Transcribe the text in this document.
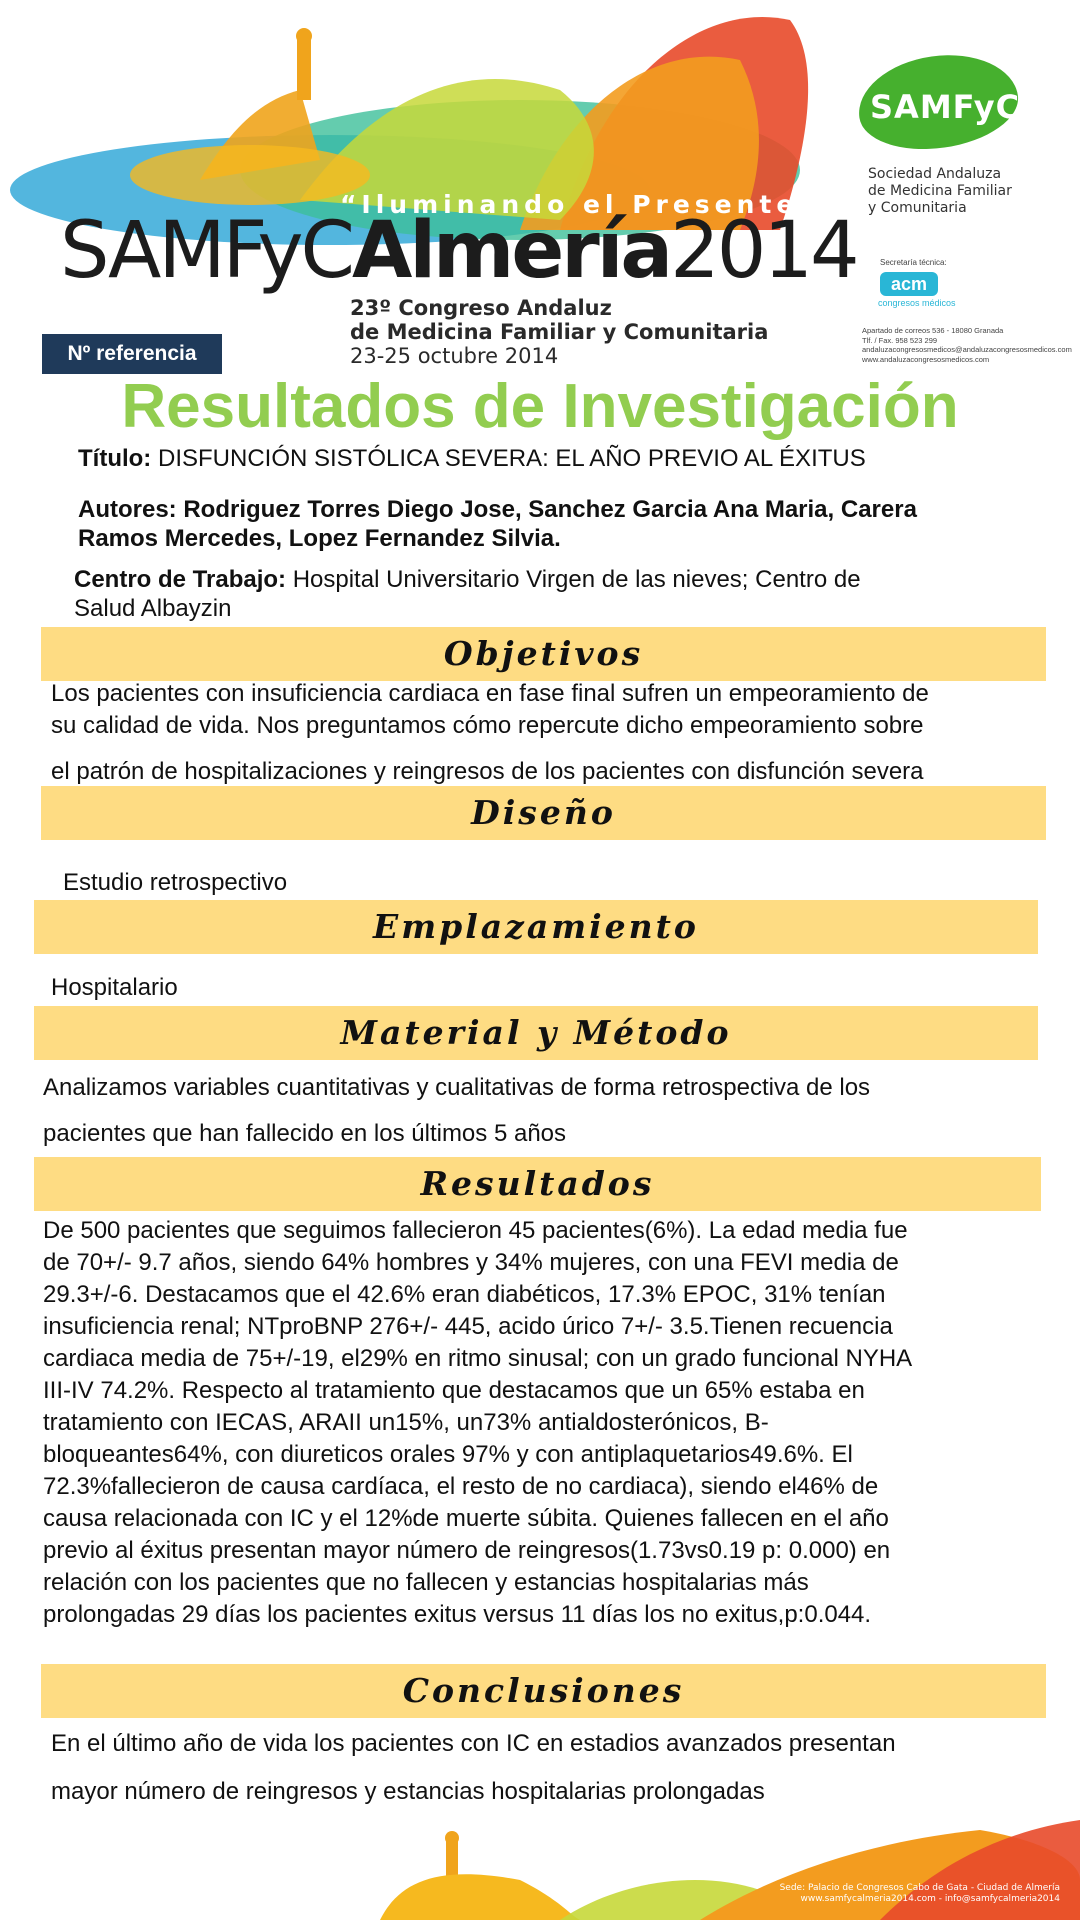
“Iluminando el Presente”
SAMFyCAlmería2014
23º Congreso Andaluz
de Medicina Familiar y Comunitaria
23-25 octubre 2014
SAMFyC
Sociedad Andaluza
de Medicina Familiar
y Comunitaria
Secretaría técnica:
acm
congresos médicos
Apartado de correos 536 - 18080 Granada
Tlf. / Fax. 958 523 299
andaluzacongresosmedicos@andaluzacongresosmedicos.com
www.andaluzacongresosmedicos.com
Nº referencia
Resultados de Investigación
Título: DISFUNCIÓN SISTÓLICA SEVERA: EL AÑO PREVIO AL ÉXITUS
Autores: Rodriguez Torres Diego Jose, Sanchez Garcia Ana Maria, Carera
Ramos Mercedes, Lopez Fernandez Silvia.
Centro de Trabajo: Hospital Universitario Virgen de las nieves; Centro de
Salud Albayzin
Objetivos
Los pacientes con insuficiencia cardiaca en fase final sufren un empeoramiento de
su calidad de vida. Nos preguntamos cómo repercute dicho empeoramiento sobre
el patrón de hospitalizaciones y reingresos de los pacientes con disfunción severa
Diseño
Estudio retrospectivo
Emplazamiento
Hospitalario
Material y Método
Analizamos variables cuantitativas y cualitativas de forma retrospectiva de los
pacientes que han fallecido en los últimos 5 años
Resultados
De 500 pacientes que seguimos fallecieron 45 pacientes(6%). La edad media fue
de 70+/- 9.7 años, siendo 64% hombres y 34% mujeres, con una FEVI media de
29.3+/-6. Destacamos que el 42.6% eran diabéticos, 17.3% EPOC, 31% tenían
insuficiencia renal; NTproBNP 276+/- 445, acido úrico 7+/- 3.5.Tienen recuencia
cardiaca media de 75+/-19, el29% en ritmo sinusal; con un grado funcional NYHA
III-IV 74.2%. Respecto al tratamiento que destacamos que un 65% estaba en
tratamiento con IECAS, ARAII un15%, un73% antialdosterónicos, B-
bloqueantes64%, con diureticos orales 97% y con antiplaquetarios49.6%. El
72.3%fallecieron de causa cardíaca, el resto de no cardiaca), siendo el46% de
causa relacionada con IC y el 12%de muerte súbita. Quienes fallecen en el año
previo al éxitus presentan mayor número de reingresos(1.73vs0.19 p: 0.000) en
relación con los pacientes que no fallecen y estancias hospitalarias más
prolongadas 29 días los pacientes exitus versus 11 días los no exitus,p:0.044.
Conclusiones
En el último año de vida los pacientes con IC en estadios avanzados presentan
mayor número de reingresos y estancias hospitalarias prolongadas
Sede: Palacio de Congresos Cabo de Gata - Ciudad de Almería
www.samfycalmeria2014.com - info@samfycalmeria2014
